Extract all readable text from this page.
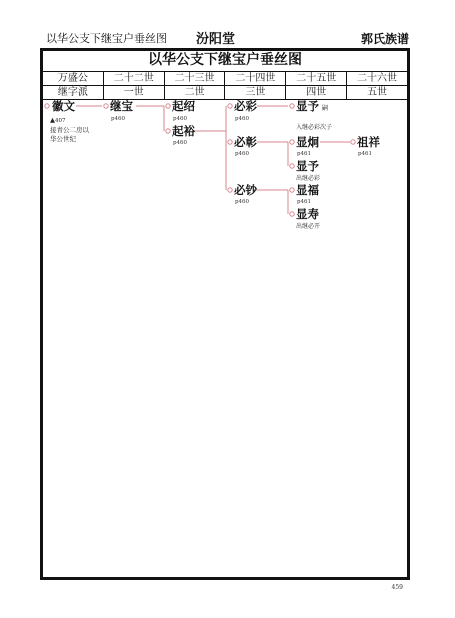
以华公支下继宝户垂丝图 汾阳堂	郭氏族谱
以华公支下继宝户垂丝图
万盛公	二十二世	二十三世	二十四世	二十五世	二十六世
继字派	一世	二世	三世	四世	五世
徽文
▲407
接青公二房以
华公世纪
继宝
p460
起绍
p460
起裕
p460
必彩
p460
必彰
p460
必钞
p460
显予 嗣
入继必彩次子
显炯
p461
显予
出继必彩
显福
p461
显寿
出继必开
祖祥
p461
459
